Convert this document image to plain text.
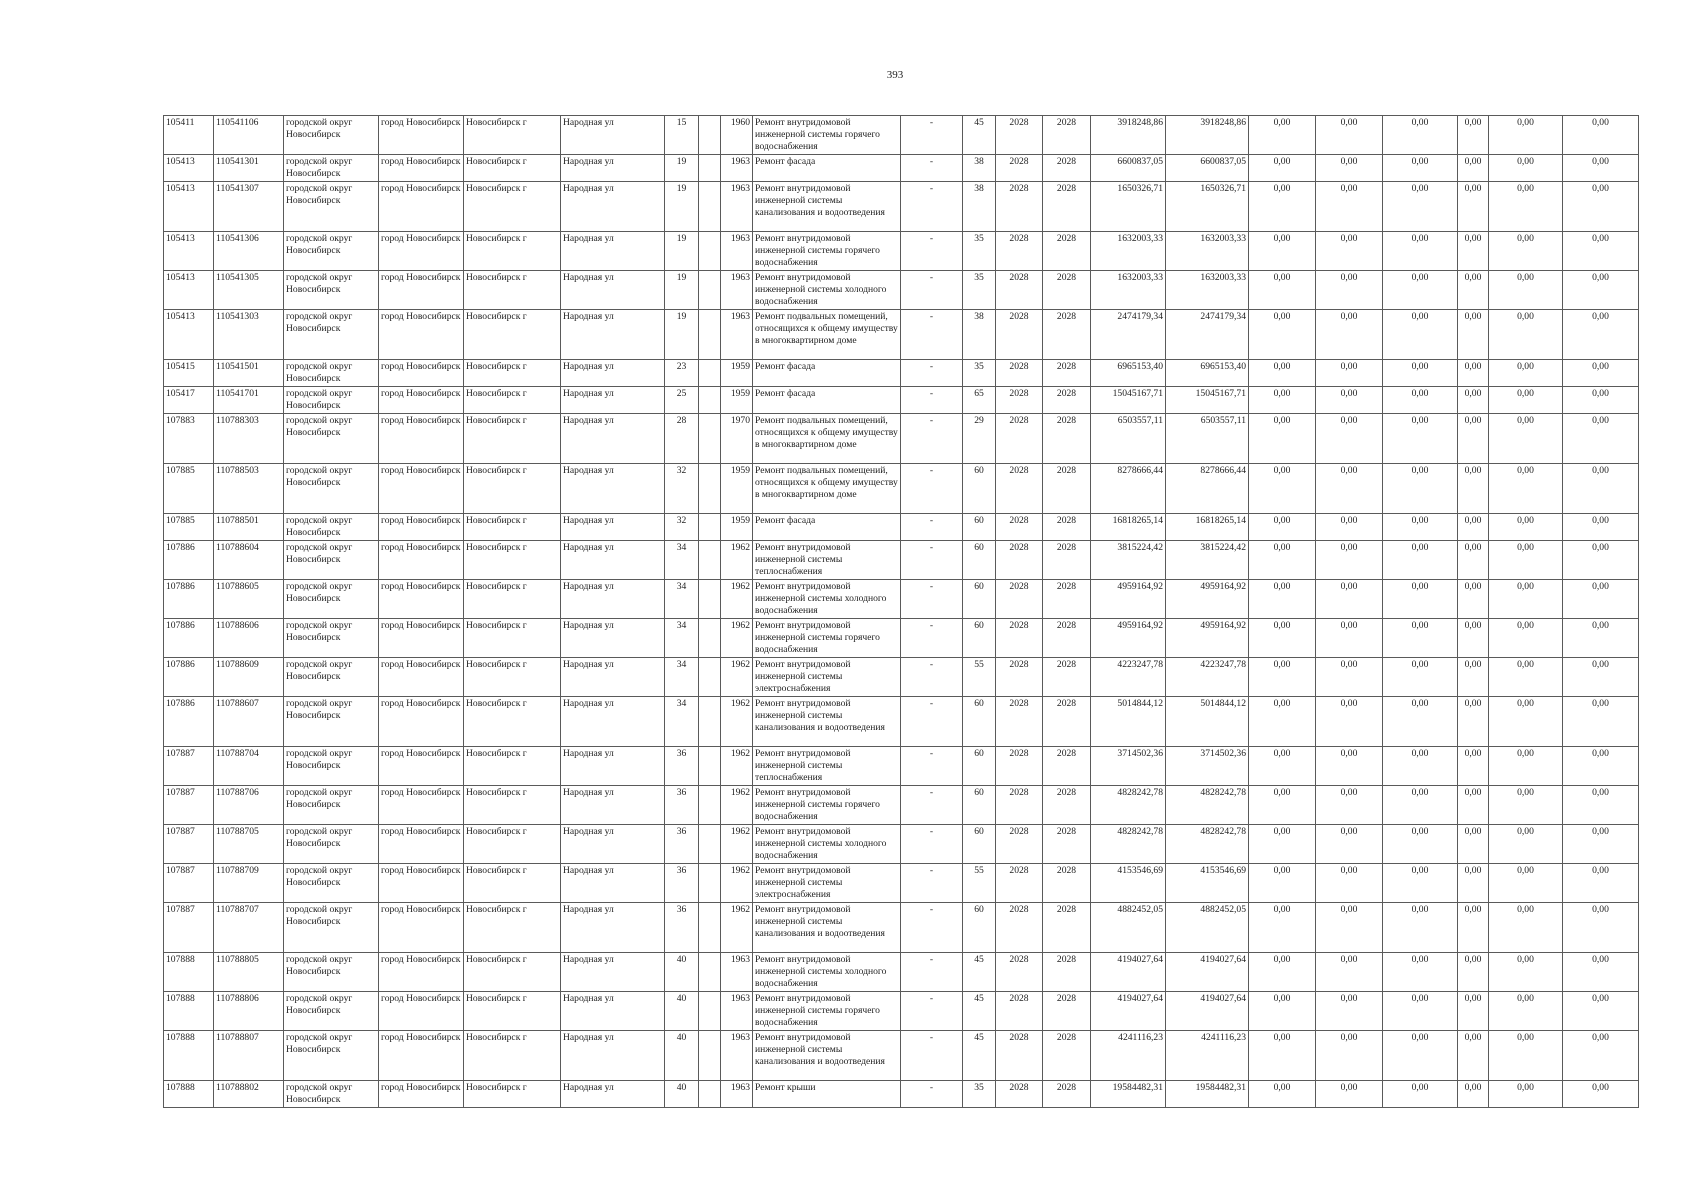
393
105411	110541106	городской округ Новосибирск	город Новосибирск	Новосибирск г	Народная ул	15		1960	Ремонт внутридомовой инженерной системы горячего водоснабжения	-	45	2028	2028	3918248,86	3918248,86	0,00	0,00	0,00	0,00	0,00	0,00
105413	110541301	городской округ Новосибирск	город Новосибирск	Новосибирск г	Народная ул	19		1963	Ремонт фасада	-	38	2028	2028	6600837,05	6600837,05	0,00	0,00	0,00	0,00	0,00	0,00
105413	110541307	городской округ Новосибирск	город Новосибирск	Новосибирск г	Народная ул	19		1963	Ремонт внутридомовой инженерной системы канализования и водоотведения	-	38	2028	2028	1650326,71	1650326,71	0,00	0,00	0,00	0,00	0,00	0,00
105413	110541306	городской округ Новосибирск	город Новосибирск	Новосибирск г	Народная ул	19		1963	Ремонт внутридомовой инженерной системы горячего водоснабжения	-	35	2028	2028	1632003,33	1632003,33	0,00	0,00	0,00	0,00	0,00	0,00
105413	110541305	городской округ Новосибирск	город Новосибирск	Новосибирск г	Народная ул	19		1963	Ремонт внутридомовой инженерной системы холодного водоснабжения	-	35	2028	2028	1632003,33	1632003,33	0,00	0,00	0,00	0,00	0,00	0,00
105413	110541303	городской округ Новосибирск	город Новосибирск	Новосибирск г	Народная ул	19		1963	Ремонт подвальных помещений, относящихся к общему имуществу в многоквартирном доме	-	38	2028	2028	2474179,34	2474179,34	0,00	0,00	0,00	0,00	0,00	0,00
105415	110541501	городской округ Новосибирск	город Новосибирск	Новосибирск г	Народная ул	23		1959	Ремонт фасада	-	35	2028	2028	6965153,40	6965153,40	0,00	0,00	0,00	0,00	0,00	0,00
105417	110541701	городской округ Новосибирск	город Новосибирск	Новосибирск г	Народная ул	25		1959	Ремонт фасада	-	65	2028	2028	15045167,71	15045167,71	0,00	0,00	0,00	0,00	0,00	0,00
107883	110788303	городской округ Новосибирск	город Новосибирск	Новосибирск г	Народная ул	28		1970	Ремонт подвальных помещений, относящихся к общему имуществу в многоквартирном доме	-	29	2028	2028	6503557,11	6503557,11	0,00	0,00	0,00	0,00	0,00	0,00
107885	110788503	городской округ Новосибирск	город Новосибирск	Новосибирск г	Народная ул	32		1959	Ремонт подвальных помещений, относящихся к общему имуществу в многоквартирном доме	-	60	2028	2028	8278666,44	8278666,44	0,00	0,00	0,00	0,00	0,00	0,00
107885	110788501	городской округ Новосибирск	город Новосибирск	Новосибирск г	Народная ул	32		1959	Ремонт фасада	-	60	2028	2028	16818265,14	16818265,14	0,00	0,00	0,00	0,00	0,00	0,00
107886	110788604	городской округ Новосибирск	город Новосибирск	Новосибирск г	Народная ул	34		1962	Ремонт внутридомовой инженерной системы теплоснабжения	-	60	2028	2028	3815224,42	3815224,42	0,00	0,00	0,00	0,00	0,00	0,00
107886	110788605	городской округ Новосибирск	город Новосибирск	Новосибирск г	Народная ул	34		1962	Ремонт внутридомовой инженерной системы холодного водоснабжения	-	60	2028	2028	4959164,92	4959164,92	0,00	0,00	0,00	0,00	0,00	0,00
107886	110788606	городской округ Новосибирск	город Новосибирск	Новосибирск г	Народная ул	34		1962	Ремонт внутридомовой инженерной системы горячего водоснабжения	-	60	2028	2028	4959164,92	4959164,92	0,00	0,00	0,00	0,00	0,00	0,00
107886	110788609	городской округ Новосибирск	город Новосибирск	Новосибирск г	Народная ул	34		1962	Ремонт внутридомовой инженерной системы электроснабжения	-	55	2028	2028	4223247,78	4223247,78	0,00	0,00	0,00	0,00	0,00	0,00
107886	110788607	городской округ Новосибирск	город Новосибирск	Новосибирск г	Народная ул	34		1962	Ремонт внутридомовой инженерной системы канализования и водоотведения	-	60	2028	2028	5014844,12	5014844,12	0,00	0,00	0,00	0,00	0,00	0,00
107887	110788704	городской округ Новосибирск	город Новосибирск	Новосибирск г	Народная ул	36		1962	Ремонт внутридомовой инженерной системы теплоснабжения	-	60	2028	2028	3714502,36	3714502,36	0,00	0,00	0,00	0,00	0,00	0,00
107887	110788706	городской округ Новосибирск	город Новосибирск	Новосибирск г	Народная ул	36		1962	Ремонт внутридомовой инженерной системы горячего водоснабжения	-	60	2028	2028	4828242,78	4828242,78	0,00	0,00	0,00	0,00	0,00	0,00
107887	110788705	городской округ Новосибирск	город Новосибирск	Новосибирск г	Народная ул	36		1962	Ремонт внутридомовой инженерной системы холодного водоснабжения	-	60	2028	2028	4828242,78	4828242,78	0,00	0,00	0,00	0,00	0,00	0,00
107887	110788709	городской округ Новосибирск	город Новосибирск	Новосибирск г	Народная ул	36		1962	Ремонт внутридомовой инженерной системы электроснабжения	-	55	2028	2028	4153546,69	4153546,69	0,00	0,00	0,00	0,00	0,00	0,00
107887	110788707	городской округ Новосибирск	город Новосибирск	Новосибирск г	Народная ул	36		1962	Ремонт внутридомовой инженерной системы канализования и водоотведения	-	60	2028	2028	4882452,05	4882452,05	0,00	0,00	0,00	0,00	0,00	0,00
107888	110788805	городской округ Новосибирск	город Новосибирск	Новосибирск г	Народная ул	40		1963	Ремонт внутридомовой инженерной системы холодного водоснабжения	-	45	2028	2028	4194027,64	4194027,64	0,00	0,00	0,00	0,00	0,00	0,00
107888	110788806	городской округ Новосибирск	город Новосибирск	Новосибирск г	Народная ул	40		1963	Ремонт внутридомовой инженерной системы горячего водоснабжения	-	45	2028	2028	4194027,64	4194027,64	0,00	0,00	0,00	0,00	0,00	0,00
107888	110788807	городской округ Новосибирск	город Новосибирск	Новосибирск г	Народная ул	40		1963	Ремонт внутридомовой инженерной системы канализования и водоотведения	-	45	2028	2028	4241116,23	4241116,23	0,00	0,00	0,00	0,00	0,00	0,00
107888	110788802	городской округ Новосибирск	город Новосибирск	Новосибирск г	Народная ул	40		1963	Ремонт крыши	-	35	2028	2028	19584482,31	19584482,31	0,00	0,00	0,00	0,00	0,00	0,00
